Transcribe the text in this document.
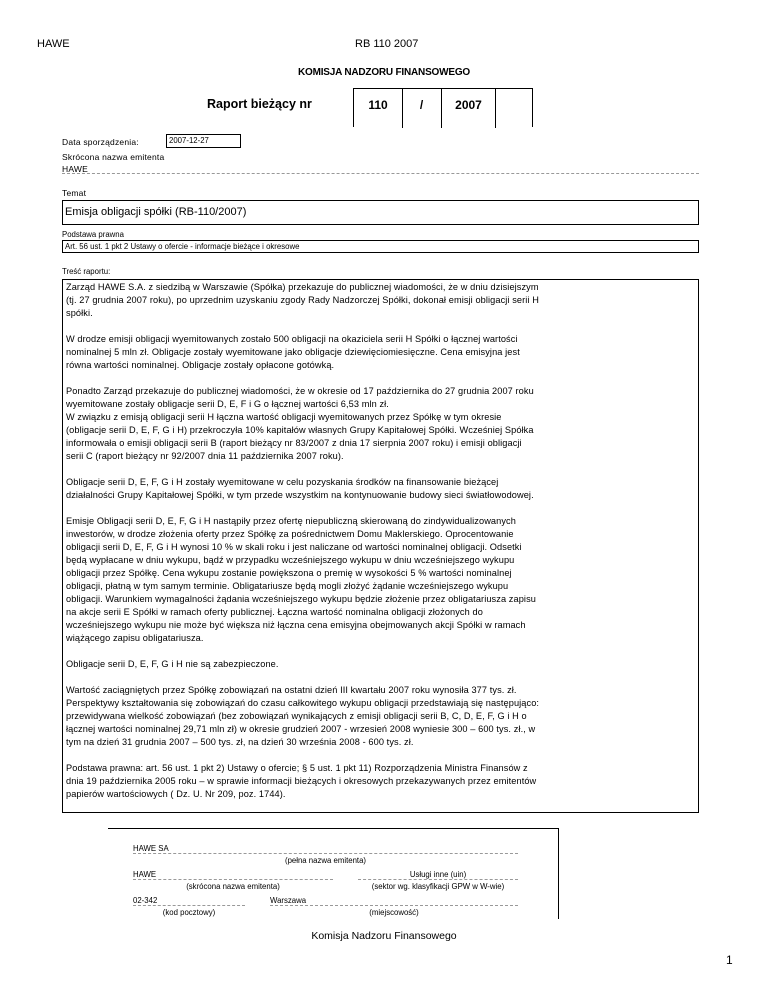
HAWE	RB 110 2007
KOMISJA NADZORU FINANSOWEGO
Raport bieżący nr	110	/	2007
Data sporządzenia:	2007-12-27
Skrócona nazwa emitenta
HAWE
Temat
Emisja obligacji spółki (RB-110/2007)
Podstawa prawna
Art. 56 ust. 1 pkt 2 Ustawy o ofercie - informacje bieżące i okresowe
Treść raportu:

Zarząd HAWE S.A. z siedzibą w Warszawie (Spółka) przekazuje do publicznej wiadomości, że w dniu dzisiejszym
(tj. 27 grudnia 2007 roku), po uprzednim uzyskaniu zgody Rady Nadzorczej Spółki, dokonał emisji obligacji serii H
spółki.

W drodze emisji obligacji wyemitowanych zostało 500 obligacji na okaziciela serii H Spółki o łącznej wartości
nominalnej 5 mln zł. Obligacje zostały wyemitowane jako obligacje dziewięciomiesięczne. Cena emisyjna jest
równa wartości nominalnej. Obligacje zostały opłacone gotówką.

Ponadto Zarząd przekazuje do publicznej wiadomości, że w okresie od 17 października do 27 grudnia 2007 roku
wyemitowane zostały obligacje serii D, E, F i G o łącznej wartości 6,53 mln zł.
W związku z emisją obligacji serii H łączna wartość obligacji wyemitowanych przez Spółkę w tym okresie
(obligacje serii D, E, F, G i H) przekroczyła 10% kapitałów własnych Grupy Kapitałowej Spółki. Wcześniej Spółka
informowała o emisji obligacji serii B (raport bieżący nr 83/2007 z dnia 17 sierpnia 2007 roku) i emisji obligacji
serii C (raport bieżący nr 92/2007 dnia 11 października 2007 roku).

Obligacje serii D, E, F, G i H zostały wyemitowane w celu pozyskania środków na finansowanie bieżącej
działalności Grupy Kapitałowej Spółki, w tym przede wszystkim na kontynuowanie budowy sieci światłowodowej.

Emisje Obligacji serii D, E, F, G i H nastąpiły przez ofertę niepubliczną skierowaną do zindywidualizowanych
inwestorów, w drodze złożenia oferty przez Spółkę za pośrednictwem Domu Maklerskiego. Oprocentowanie
obligacji serii D, E, F, G i H wynosi 10 % w skali roku i jest naliczane od wartości nominalnej obligacji. Odsetki
będą wypłacane w dniu wykupu, bądź w przypadku wcześniejszego wykupu w dniu wcześniejszego wykupu
obligacji przez Spółkę. Cena wykupu zostanie powiększona o premię w wysokości 5 % wartości nominalnej
obligacji, płatną w tym samym terminie. Obligatariusze będą mogli złożyć żądanie wcześniejszego wykupu
obligacji. Warunkiem wymagalności żądania wcześniejszego wykupu będzie złożenie przez obligatariusza zapisu
na akcje serii E Spółki w ramach oferty publicznej. Łączna wartość nominalna obligacji złożonych do
wcześniejszego wykupu nie może być większa niż łączna cena emisyjna obejmowanych akcji Spółki w ramach
wiążącego zapisu obligatariusza.

Obligacje serii D, E, F, G i H nie są zabezpieczone.

Wartość zaciągniętych przez Spółkę zobowiązań na ostatni dzień III kwartału 2007 roku wynosiła 377 tys. zł.
Perspektywy kształtowania się zobowiązań do czasu całkowitego wykupu obligacji przedstawiają się następująco:
przewidywana wielkość zobowiązań (bez zobowiązań wynikających z emisji obligacji serii B, C, D, E, F, G i H o
łącznej wartości nominalnej 29,71 mln zł) w okresie grudzień 2007 - wrzesień 2008 wyniesie 300 – 600 tys. zł., w
tym na dzień 31 grudnia 2007 – 500 tys. zł, na dzień 30 września 2008 - 600 tys. zł.

Podstawa prawna: art. 56 ust. 1 pkt 2) Ustawy o ofercie; § 5 ust. 1 pkt 11) Rozporządzenia Ministra Finansów z
dnia 19 października 2005 roku – w sprawie informacji bieżących i okresowych przekazywanych przez emitentów
papierów wartościowych ( Dz. U. Nr 209, poz. 1744).

HAWE SA
(pełna nazwa emitenta)
HAWE
(skrócona nazwa emitenta)
Usługi inne (uin)
(sektor wg. klasyfikacji GPW w W-wie)
02-342
(kod pocztowy)
Warszawa
(miejscowość)
Komisja Nadzoru Finansowego
1
